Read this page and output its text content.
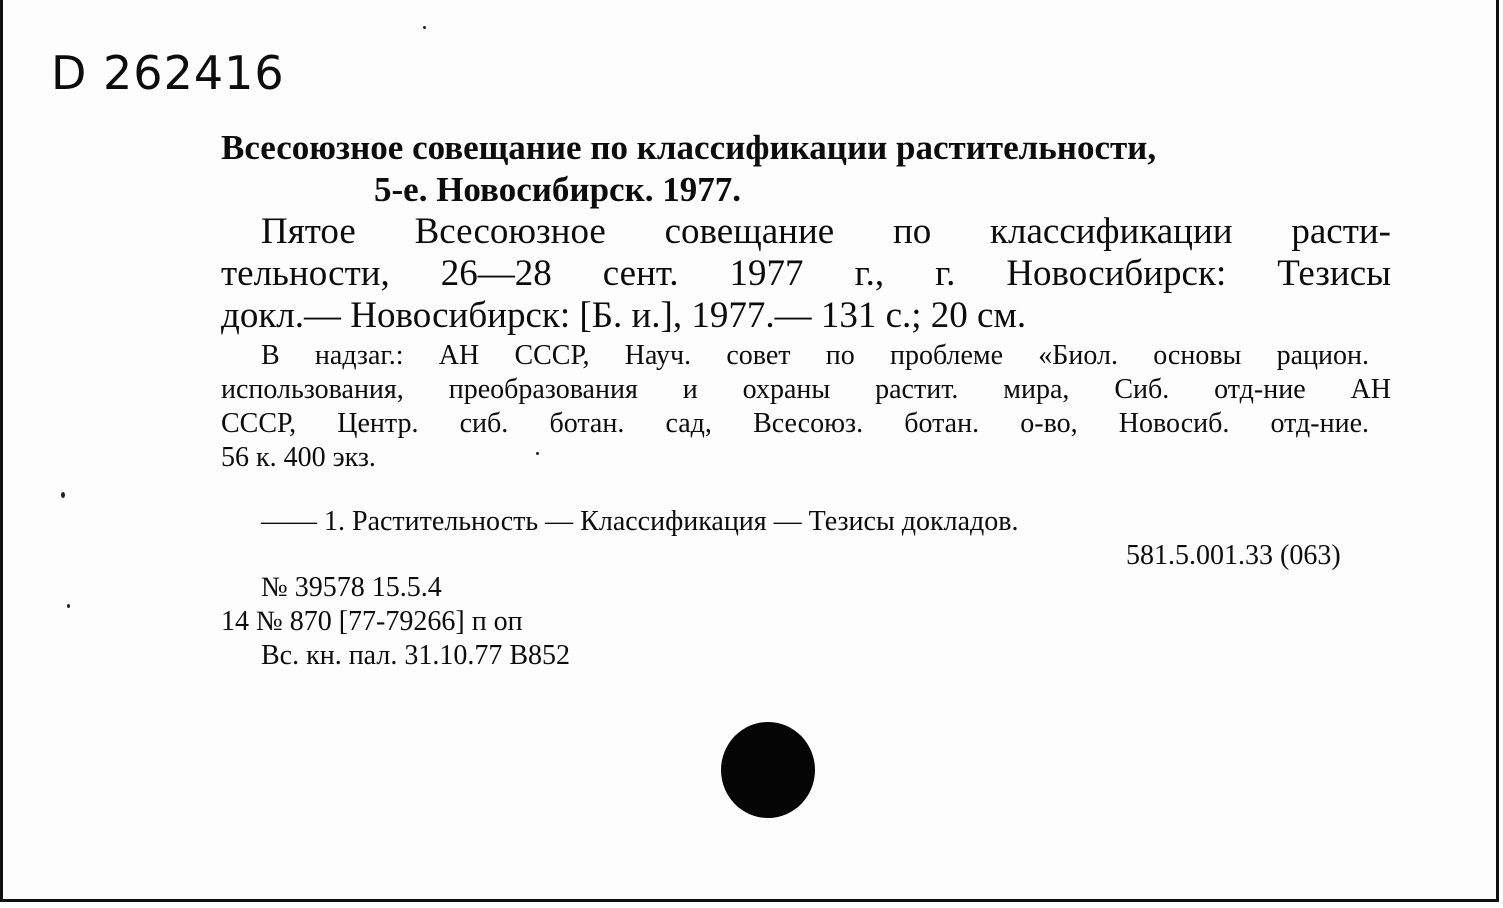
D 262416
Всесоюзное совещание по классификации растительности,
5-е. Новосибирск. 1977.
Пятое Всесоюзное совещание по классификации расти-
тельности, 26—28 сент. 1977 г., г. Новосибирск: Тезисы
докл.— Новосибирск: [Б. и.], 1977.— 131 с.; 20 см.
В надзаг.: АН СССР, Науч. совет по проблеме «Биол. основы рацион.
использования, преобразования и охраны растит. мира, Сиб. отд-ние АН
СССР, Центр. сиб. ботан. сад, Всесоюз. ботан. о-во, Новосиб. отд-ние.
56 к. 400 экз.
—— 1. Растительность — Классификация — Тезисы докладов.
581.5.001.33 (063)
№ 39578 15.5.4
14 № 870 [77-79266] п оп
Вс. кн. пал. 31.10.77 В852
